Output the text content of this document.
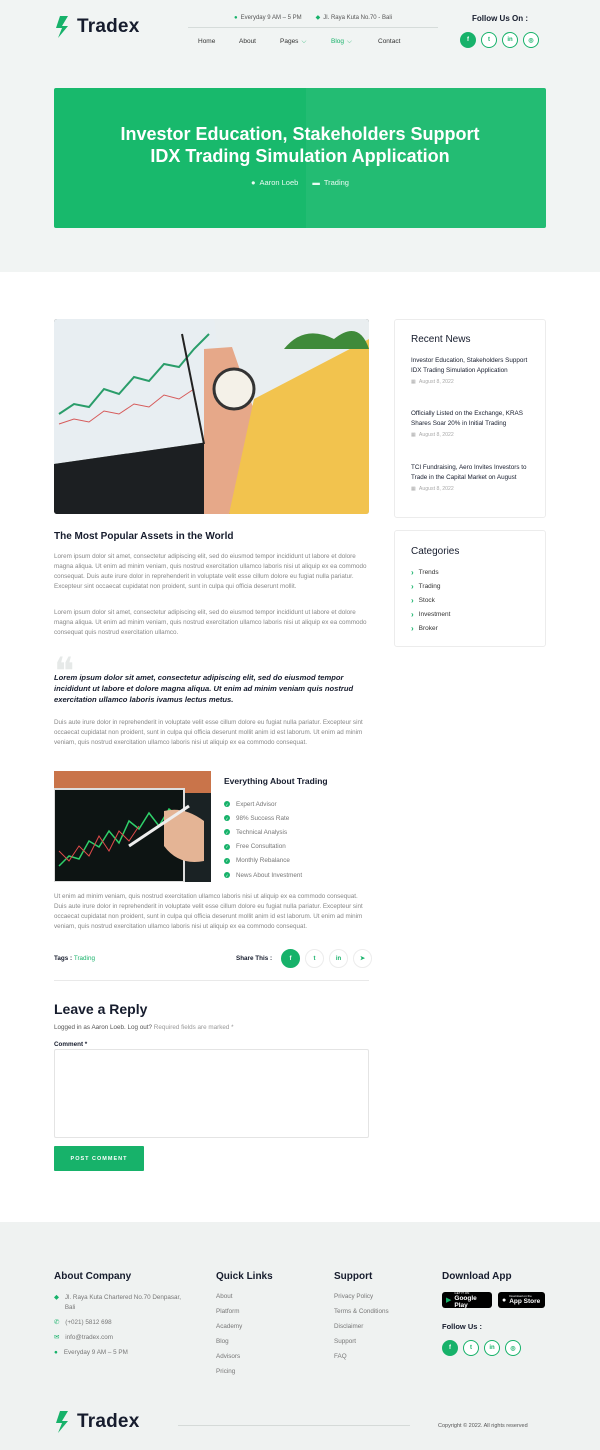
Tradex	● Everyday 9 AM – 5 PM ◆ Jl. Raya Kuta No.70 - Bali
Home	About	Pages ⌵	Blog ⌵	Contact
Follow Us On :
f	t	in	◎
Investor Education, Stakeholders Support
IDX Trading Simulation Application
● Aaron Loeb ▬ Trading
The Most Popular Assets in the World

Lorem ipsum dolor sit amet, consectetur adipiscing elit, sed do eiusmod tempor incididunt ut labore et dolore magna aliqua. Ut enim ad minim veniam, quis nostrud exercitation ullamco laboris nisi ut aliquip ex ea commodo consequat. Duis aute irure dolor in reprehenderit in voluptate velit esse cillum dolore eu fugiat nulla pariatur. Excepteur sint occaecat cupidatat non proident, sunt in culpa qui officia deserunt mollit.

Lorem ipsum dolor sit amet, consectetur adipiscing elit, sed do eiusmod tempor incididunt ut labore et dolore magna aliqua. Ut enim ad minim veniam, quis nostrud exercitation ullamco laboris nisi ut aliquip ex ea commodo consequat quis nostrud exercitation ullamco.

❝
Lorem ipsum dolor sit amet, consectetur adipiscing elit, sed do eiusmod tempor incididunt ut labore et dolore magna aliqua. Ut enim ad minim veniam quis nostrud exercitation ullamco laboris ivamus lectus metus.

Duis aute irure dolor in reprehenderit in voluptate velit esse cillum dolore eu fugiat nulla pariatur. Excepteur sint occaecat cupidatat non proident, sunt in culpa qui officia deserunt mollit anim id est laborum. Ut enim ad minim veniam, quis nostrud exercitation ullamco laboris nisi ut aliquip ex ea commodo consequat.

Everything About Trading
✓ Expert Advisor
✓ 98% Success Rate
✓ Technical Analysis
✓ Free Consultation
✓ Monthly Rebalance
✓ News About Investment

Ut enim ad minim veniam, quis nostrud exercitation ullamco laboris nisi ut aliquip ex ea commodo consequat. Duis aute irure dolor in reprehenderit in voluptate velit esse cillum dolore eu fugiat nulla pariatur. Excepteur sint occaecat cupidatat non proident, sunt in culpa qui officia deserunt mollit anim id est laborum. Ut enim ad minim veniam, quis nostrud exercitation ullamco laboris nisi ut aliquip ex ea commodo consequat.

Tags : Trading	Share This :	f	t	in	➤
Leave a Reply
Logged in as Aaron Loeb. Log out? Required fields are marked *
Comment *
POST COMMENT
Recent News
Investor Education, Stakeholders Support IDX Trading Simulation Application
▦ August 8, 2022
Officially Listed on the Exchange, KRAS Shares Soar 20% in Initial Trading
▦ August 8, 2022
TCI Fundraising, Aero Invites Investors to Trade in the Capital Market on August
▦ August 8, 2022
Categories
› Trends
› Trading
› Stock
› Investment
› Broker
About Company
◆ Jl. Raya Kuta Chartered No.70 Denpasar, Bali
✆ (+021) 5812 698
✉ info@tradex.com
● Everyday 9 AM – 5 PM
Quick Links
About
Platform
Academy
Blog
Advisors
Pricing
Support
Privacy Policy
Terms & Conditions
Disclaimer
Support
FAQ
Download App
▶
GET IT ON
Google Play
●
Download on the
App Store
Follow Us :
f	t	in	◎
Tradex	Copyright © 2022. All rights reserved
